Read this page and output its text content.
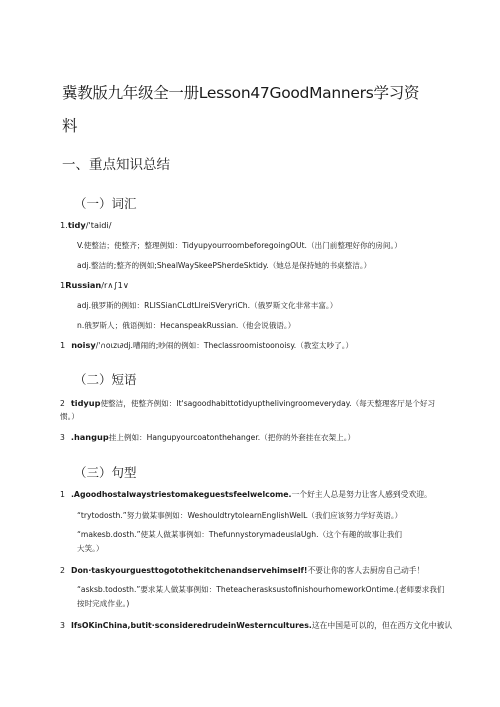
冀教版九年级全一册Lesson47GoodManners学习资
料
一、重点知识总结
（一）词汇
1.tidy/'taidi/
V.使整洁；使整齐；整理例如：TidyupyourroombeforegoingOUt.（出门前整理好你的房间。）
adj.整洁的;整齐的例如;ShealWaySkeePSherdeSktidy.（她总是保持她的书桌整洁。）
1Russian/r∧∫1∨
adj.俄罗斯的例如：RLISSianCLdtLlreiSVeryriCh.（俄罗斯文化非常丰富。）
n.俄罗斯人；俄语例如：HecanspeakRussian.（他会说俄语。）
1 noisy/'∩oιzι∂dj.嘈闹的;吵闹的例如：Theclassroomistoonoisy.（教室太吵了。）
（二）短语
2 tidyup使整洁，使整齐例如：It'sagoodhabittotidyupthelivingroomeveryday.（每天整理客厅是个好习惯。）
3 .hangup挂上例如：Hangupyourcoatonthehanger.（把你的外套挂在衣架上。）
（三）句型
1 .Agoodhostalwaystriestomakeguestsfeelwelcome.一个好主人总是努力让客人感到受欢迎。
“trytodosth.”努力做某事例如：WeshouldtrytolearnEnglishWelL（我们应该努力学好英语。）
“makesb.dosth.”使某人做某事例如：ThefunnystorymadeuslaUgh.（这个有趣的故事让我们大笑。）
2 Don·taskyourguesttogotothekitchenandservehimself!不要让你的客人去厨房自己动手！
“asksb.todosth.”要求某人做某事例如：TheteacherasksustofinishourhomeworkOntime.(老师要求我们按时完成作业。)
3 IfsOKinChina,butit·sconsideredrudeinWesterncultures.这在中国是可以的，但在西方文化中被认
